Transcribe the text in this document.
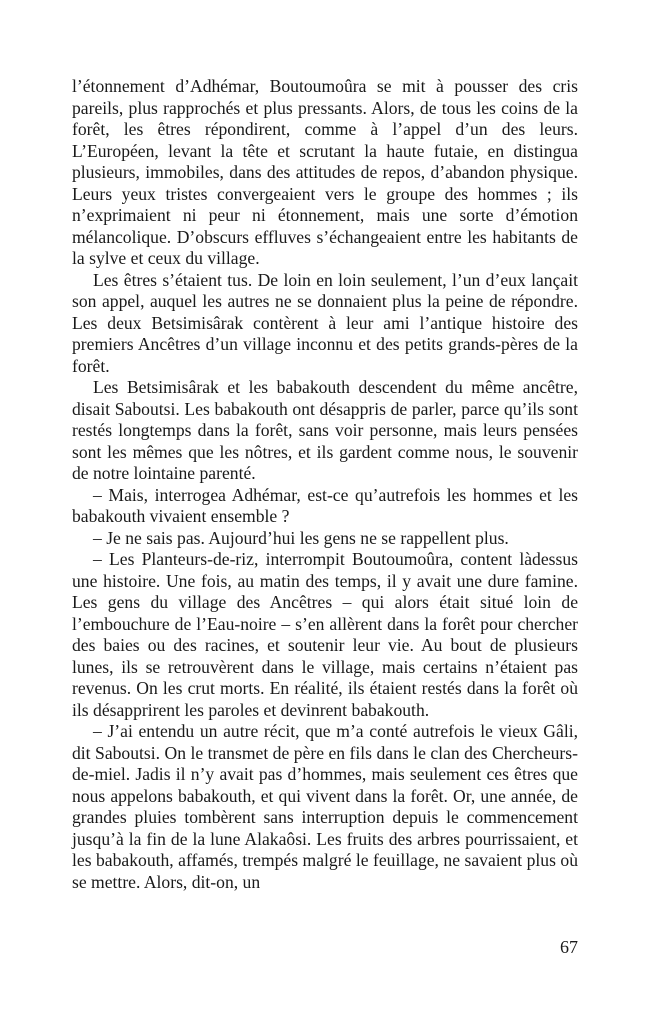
l’étonnement d’Adhémar, Boutoumoûra se mit à pousser des cris pareils, plus rapprochés et plus pressants. Alors, de tous les coins de la forêt, les êtres répondirent, comme à l’appel d’un des leurs. L’Européen, levant la tête et scrutant la haute futaie, en distingua plusieurs, immobiles, dans des attitudes de repos, d’abandon physique. Leurs yeux tristes convergeaient vers le groupe des hommes ; ils n’exprimaient ni peur ni étonnement, mais une sorte d’émotion mélancolique. D’obscurs effluves s’échangeaient entre les habitants de la sylve et ceux du village.

Les êtres s’étaient tus. De loin en loin seulement, l’un d’eux lançait son appel, auquel les autres ne se donnaient plus la peine de répondre. Les deux Betsimisârak contèrent à leur ami l’antique histoire des premiers Ancêtres d’un village inconnu et des petits grands-pères de la forêt.

Les Betsimisârak et les babakouth descendent du même ancêtre, disait Saboutsi. Les babakouth ont désappris de parler, parce qu’ils sont restés longtemps dans la forêt, sans voir personne, mais leurs pensées sont les mêmes que les nôtres, et ils gardent comme nous, le souvenir de notre lointaine parenté.

– Mais, interrogea Adhémar, est-ce qu’autrefois les hommes et les babakouth vivaient ensemble ?

– Je ne sais pas. Aujourd’hui les gens ne se rappellent plus.

– Les Planteurs-de-riz, interrompit Boutoumoûra, content làdessus une histoire. Une fois, au matin des temps, il y avait une dure famine. Les gens du village des Ancêtres – qui alors était situé loin de l’embouchure de l’Eau-noire – s’en allèrent dans la forêt pour chercher des baies ou des racines, et soutenir leur vie. Au bout de plusieurs lunes, ils se retrouvèrent dans le village, mais certains n’étaient pas revenus. On les crut morts. En réalité, ils étaient restés dans la forêt où ils désapprirent les paroles et devinrent babakouth.

– J’ai entendu un autre récit, que m’a conté autrefois le vieux Gâli, dit Saboutsi. On le transmet de père en fils dans le clan des Chercheurs-de-miel. Jadis il n’y avait pas d’hommes, mais seulement ces êtres que nous appelons babakouth, et qui vivent dans la forêt. Or, une année, de grandes pluies tombèrent sans interruption depuis le commencement jusqu’à la fin de la lune Alakaôsi. Les fruits des arbres pourrissaient, et les babakouth, affamés, trempés malgré le feuillage, ne savaient plus où se mettre. Alors, dit-on, un

67
